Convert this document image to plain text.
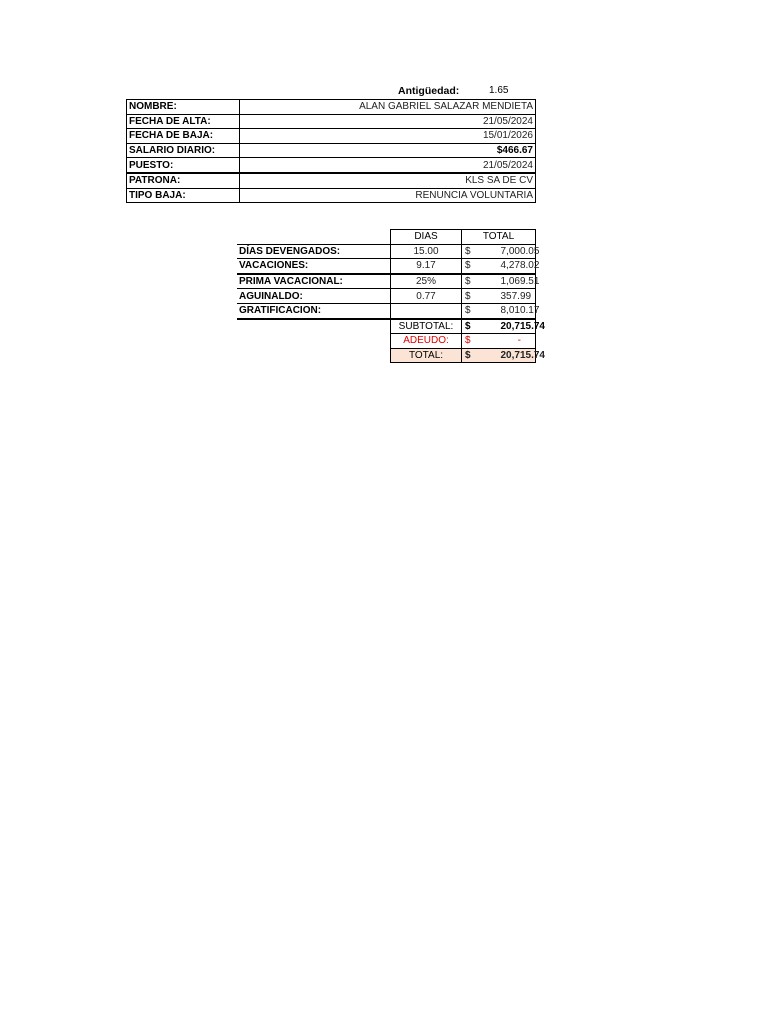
Antigüedad:	1.65
NOMBRE:	ALAN GABRIEL SALAZAR MENDIETA
FECHA DE ALTA:	21/05/2024
FECHA DE BAJA:	15/01/2026
SALARIO DIARIO:	$466.67
PUESTO:	21/05/2024
PATRONA:	KLS SA DE CV
TIPO BAJA:	RENUNCIA VOLUNTARIA
	DIAS	TOTAL	
DÍAS DEVENGADOS:	15.00	$	7,000.05
VACACIONES:	9.17	$	4,278.02
PRIMA VACACIONAL:	25%	$	1,069.51
AGUINALDO:	0.77	$	357.99
GRATIFICACION:		$	8,010.17
	SUBTOTAL:	$	20,715.74
	ADEUDO:	$	-
	TOTAL:	$	20,715.74
